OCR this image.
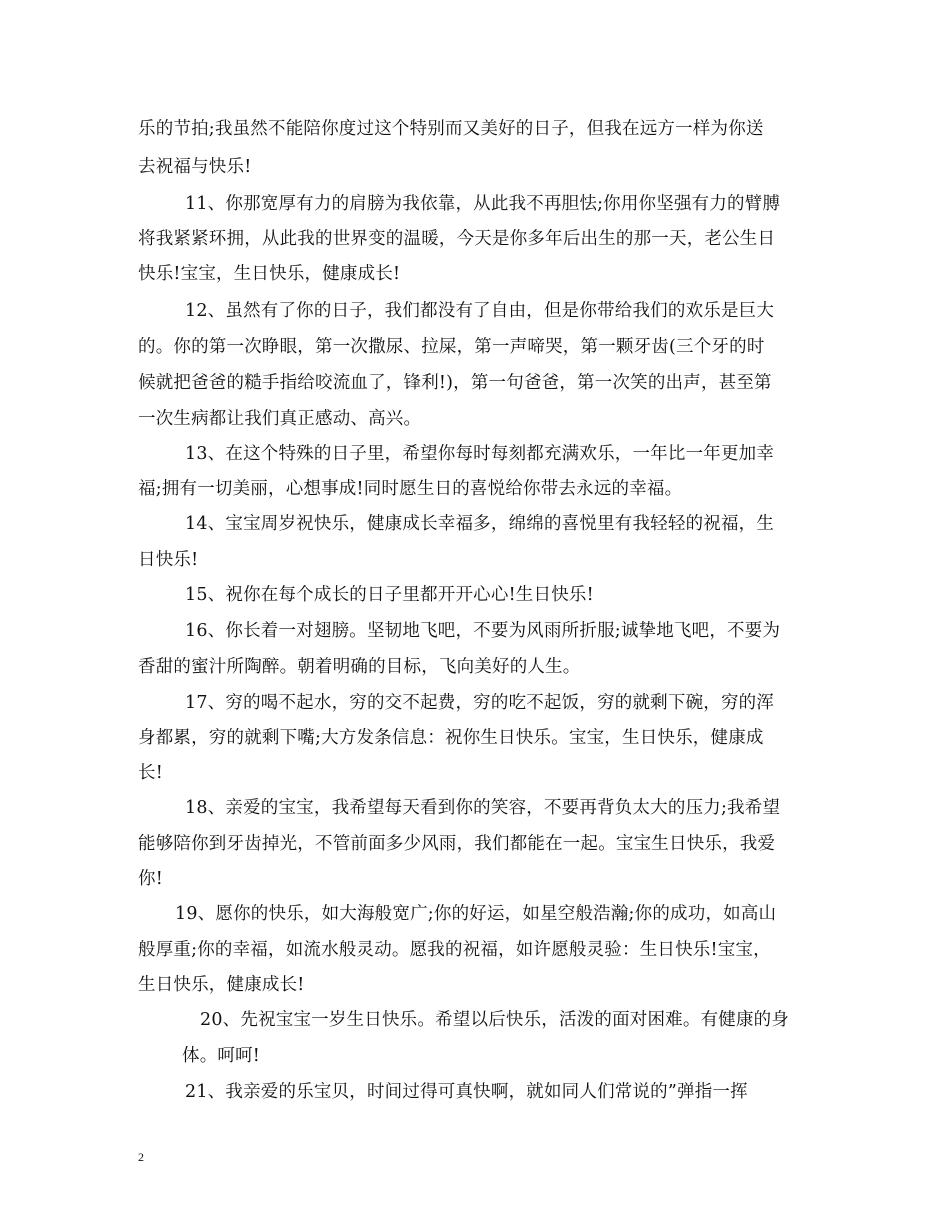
乐的节拍;我虽然不能陪你度过这个特别而又美好的日子，但我在远方一样为你送
去祝福与快乐!
11、你那宽厚有力的肩膀为我依靠，从此我不再胆怯;你用你坚强有力的臂膊
将我紧紧环拥，从此我的世界变的温暖，今天是你多年后出生的那一天，老公生日
快乐!宝宝，生日快乐，健康成长!
12、虽然有了你的日子，我们都没有了自由，但是你带给我们的欢乐是巨大
的。你的第一次睁眼，第一次撒尿、拉屎，第一声啼哭，第一颗牙齿(三个牙的时
候就把爸爸的糙手指给咬流血了，锋利!)，第一句爸爸，第一次笑的出声，甚至第
一次生病都让我们真正感动、高兴。
13、在这个特殊的日子里，希望你每时每刻都充满欢乐，一年比一年更加幸
福;拥有一切美丽，心想事成!同时愿生日的喜悦给你带去永远的幸福。
14、宝宝周岁祝快乐，健康成长幸福多，绵绵的喜悦里有我轻轻的祝福，生
日快乐!
15、祝你在每个成长的日子里都开开心心!生日快乐!
16、你长着一对翅膀。坚韧地飞吧，不要为风雨所折服;诚挚地飞吧，不要为
香甜的蜜汁所陶醉。朝着明确的目标，飞向美好的人生。
17、穷的喝不起水，穷的交不起费，穷的吃不起饭，穷的就剩下碗，穷的浑
身都累，穷的就剩下嘴;大方发条信息：祝你生日快乐。宝宝，生日快乐，健康成
长!
18、亲爱的宝宝，我希望每天看到你的笑容，不要再背负太大的压力;我希望
能够陪你到牙齿掉光，不管前面多少风雨，我们都能在一起。宝宝生日快乐，我爱
你!
19、愿你的快乐，如大海般宽广;你的好运，如星空般浩瀚;你的成功，如高山
般厚重;你的幸福，如流水般灵动。愿我的祝福，如许愿般灵验：生日快乐!宝宝，
生日快乐，健康成长!
20、先祝宝宝一岁生日快乐。希望以后快乐，活泼的面对困难。有健康的身
体。呵呵!
21、我亲爱的乐宝贝，时间过得可真快啊，就如同人们常说的”弹指一挥
2
